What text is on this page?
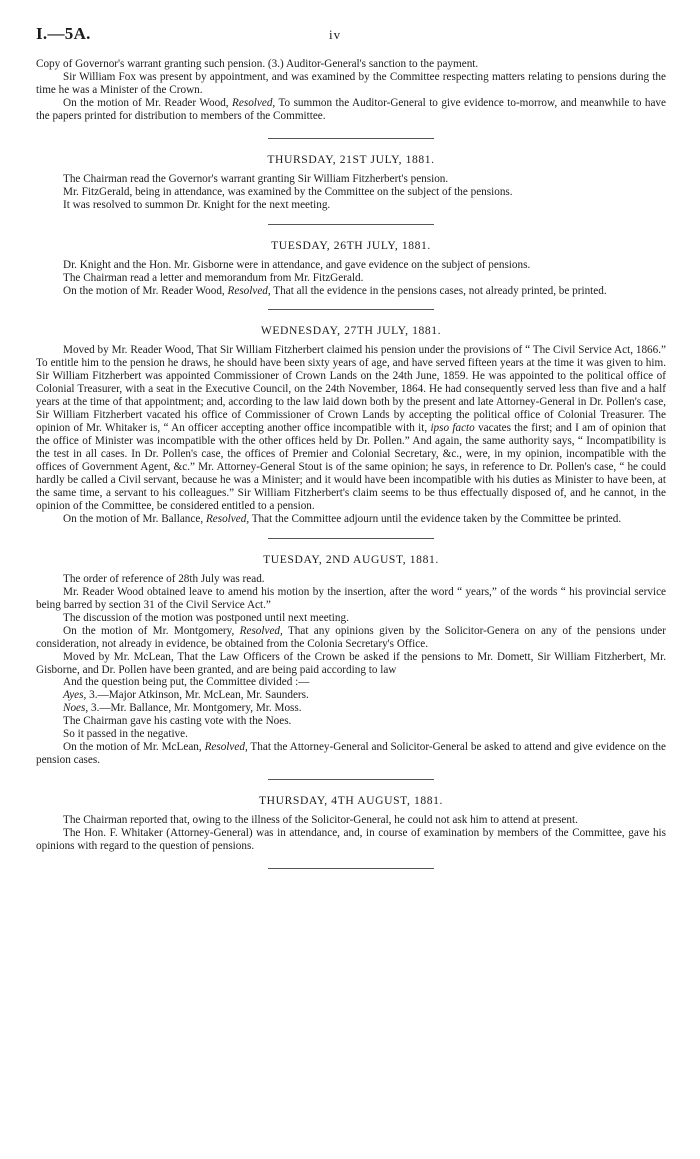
I.—5A.	iv

Copy of Governor's warrant granting such pension. (3.) Auditor-General's sanction to the payment.

Sir William Fox was present by appointment, and was examined by the Committee respecting matters relating to pensions during the time he was a Minister of the Crown.

On the motion of Mr. Reader Wood, Resolved, To summon the Auditor-General to give evidence to-morrow, and meanwhile to have the papers printed for distribution to members of the Committee.

THURSDAY, 21ST JULY, 1881.

The Chairman read the Governor's warrant granting Sir William Fitzherbert's pension.

Mr. FitzGerald, being in attendance, was examined by the Committee on the subject of the pensions.

It was resolved to summon Dr. Knight for the next meeting.

TUESDAY, 26TH JULY, 1881.

Dr. Knight and the Hon. Mr. Gisborne were in attendance, and gave evidence on the subject of pensions.

The Chairman read a letter and memorandum from Mr. FitzGerald.

On the motion of Mr. Reader Wood, Resolved, That all the evidence in the pensions cases, not already printed, be printed.

WEDNESDAY, 27TH JULY, 1881.

Moved by Mr. Reader Wood, That Sir William Fitzherbert claimed his pension under the provisions of “ The Civil Service Act, 1866.” To entitle him to the pension he draws, he should have been sixty years of age, and have served fifteen years at the time it was given to him. Sir William Fitzherbert was appointed Commissioner of Crown Lands on the 24th June, 1859. He was appointed to the political office of Colonial Treasurer, with a seat in the Executive Council, on the 24th November, 1864. He had consequently served less than five and a half years at the time of that appointment; and, according to the law laid down both by the present and late Attorney-General in Dr. Pollen's case, Sir William Fitzherbert vacated his office of Commissioner of Crown Lands by accepting the political office of Colonial Treasurer. The opinion of Mr. Whitaker is, “ An officer accepting another office incompatible with it, ipso facto vacates the first; and I am of opinion that the office of Minister was incompatible with the other offices held by Dr. Pollen.” And again, the same authority says, “ Incompatibility is the test in all cases. In Dr. Pollen's case, the offices of Premier and Colonial Secretary, &c., were, in my opinion, incompatible with the offices of Government Agent, &c.” Mr. Attorney-General Stout is of the same opinion; he says, in reference to Dr. Pollen's case, “ he could hardly be called a Civil servant, because he was a Minister; and it would have been incompatible with his duties as Minister to have been, at the same time, a servant to his colleagues.” Sir William Fitzherbert's claim seems to be thus effectually disposed of, and he cannot, in the opinion of the Committee, be considered entitled to a pension.

On the motion of Mr. Ballance, Resolved, That the Committee adjourn until the evidence taken by the Committee be printed.

TUESDAY, 2ND AUGUST, 1881.

The order of reference of 28th July was read.

Mr. Reader Wood obtained leave to amend his motion by the insertion, after the word “ years,” of the words “ his provincial service being barred by section 31 of the Civil Service Act.”

The discussion of the motion was postponed until next meeting.

On the motion of Mr. Montgomery, Resolved, That any opinions given by the Solicitor-Genera on any of the pensions under consideration, not already in evidence, be obtained from the Colonia Secretary's Office.

Moved by Mr. McLean, That the Law Officers of the Crown be asked if the pensions to Mr. Domett, Sir William Fitzherbert, Mr. Gisborne, and Dr. Pollen have been granted, and are being paid according to law

And the question being put, the Committee divided :—

Ayes, 3.—Major Atkinson, Mr. McLean, Mr. Saunders.

Noes, 3.—Mr. Ballance, Mr. Montgomery, Mr. Moss.

The Chairman gave his casting vote with the Noes.

So it passed in the negative.

On the motion of Mr. McLean, Resolved, That the Attorney-General and Solicitor-General be asked to attend and give evidence on the pension cases.

THURSDAY, 4TH AUGUST, 1881.

The Chairman reported that, owing to the illness of the Solicitor-General, he could not ask him to attend at present.

The Hon. F. Whitaker (Attorney-General) was in attendance, and, in course of examination by members of the Committee, gave his opinions with regard to the question of pensions.
